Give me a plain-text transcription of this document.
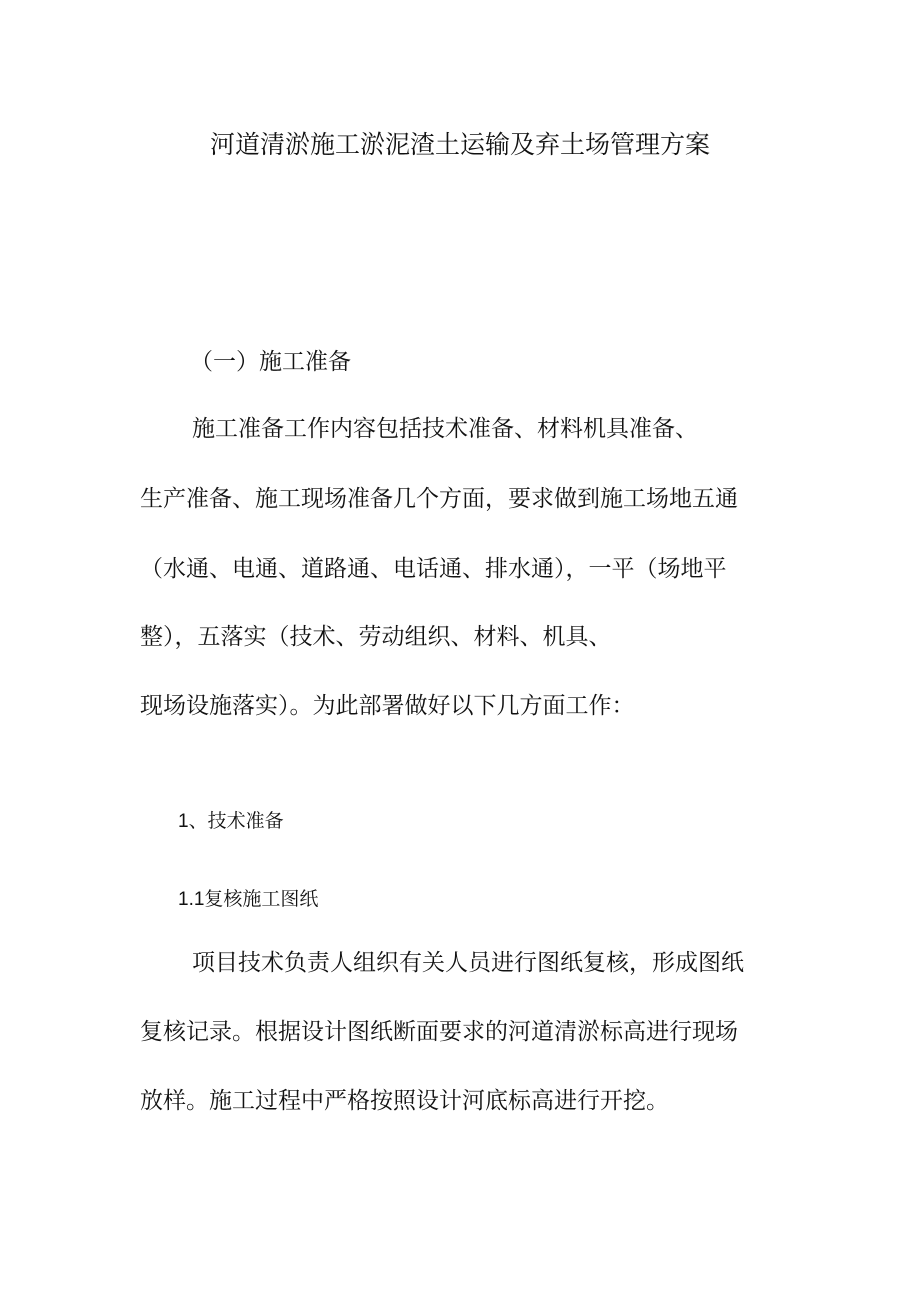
河道清淤施工淤泥渣土运输及弃土场管理方案
（一）施工准备
施工准备工作内容包括技术准备、材料机具准备、
生产准备、施工现场准备几个方面，要求做到施工场地五通
（水通、电通、道路通、电话通、排水通），一平（场地平
整），五落实（技术、劳动组织、材料、机具、
现场设施落实）。为此部署做好以下几方面工作：
1、技术准备
1.1复核施工图纸
项目技术负责人组织有关人员进行图纸复核，形成图纸
复核记录。根据设计图纸断面要求的河道清淤标高进行现场
放样。施工过程中严格按照设计河底标高进行开挖。
